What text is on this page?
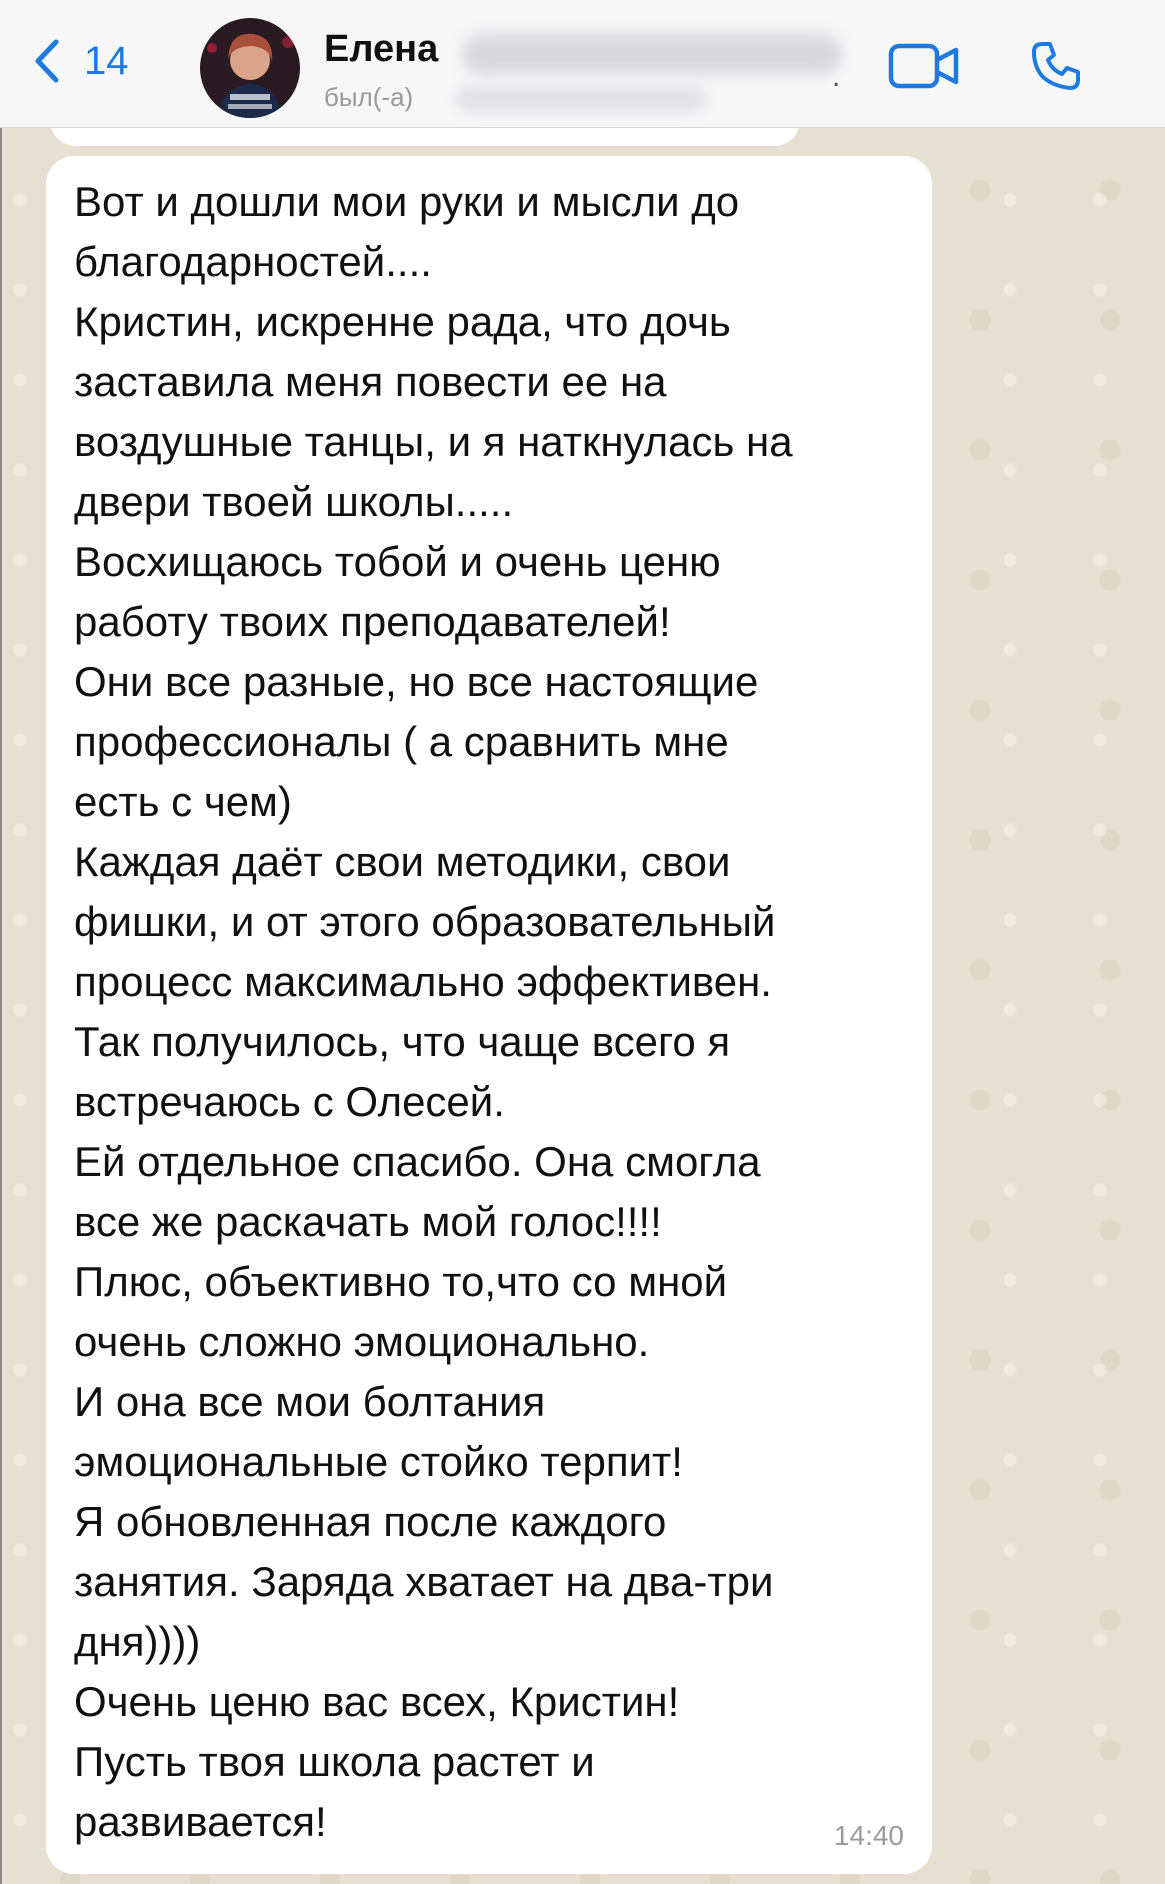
14	Елена
был(-а)
.

Вот и дошли мои руки и мысли до
благодарностей....
Кристин, искренне рада, что дочь
заставила меня повести ее на
воздушные танцы, и я наткнулась на
двери твоей школы.....
Восхищаюсь тобой и очень ценю
работу твоих преподавателей!
Они все разные, но все настоящие
профессионалы ( а сравнить мне
есть с чем)
Каждая даёт свои методики, свои
фишки, и от этого образовательный
процесс максимально эффективен.
Так получилось, что чаще всего я
встречаюсь с Олесей.
Ей отдельное спасибо. Она смогла
все же раскачать мой голос!!!!
Плюс, объективно то,что со мной
очень сложно эмоционально.
И она все мои болтания
эмоциональные стойко терпит!
Я обновленная после каждого
занятия. Заряда хватает на два-три
дня))))
Очень ценю вас всех, Кристин!
Пусть твоя школа растет и
развивается!	14:40
